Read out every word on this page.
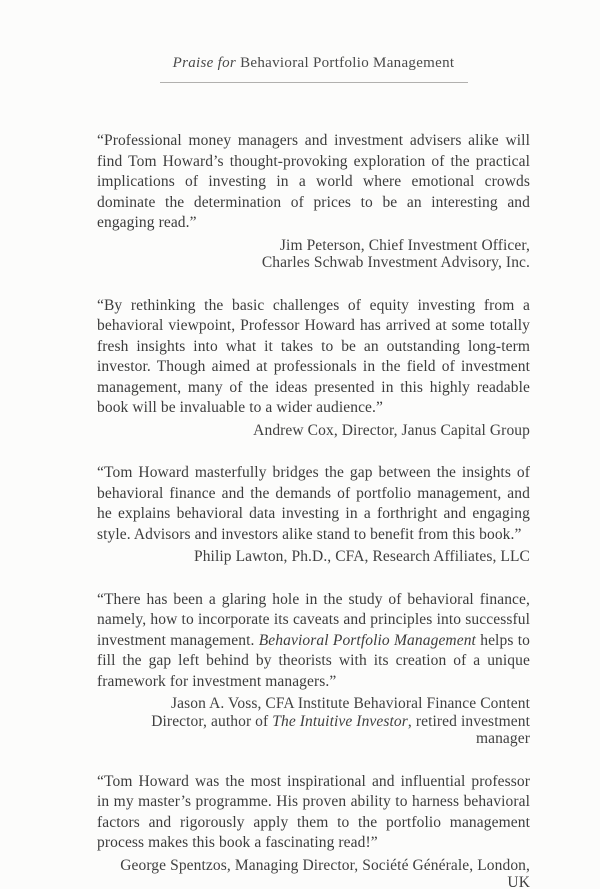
Praise for Behavioral Portfolio Management
“Professional money managers and investment advisers alike will find Tom Howard’s thought-provoking exploration of the practical implications of investing in a world where emotional crowds dominate the determination of prices to be an interesting and engaging read.”
Jim Peterson, Chief Investment Officer,
Charles Schwab Investment Advisory, Inc.
“By rethinking the basic challenges of equity investing from a behavioral viewpoint, Professor Howard has arrived at some totally fresh insights into what it takes to be an outstanding long-term investor. Though aimed at professionals in the field of investment management, many of the ideas presented in this highly readable book will be invaluable to a wider audience.”
Andrew Cox, Director, Janus Capital Group
“Tom Howard masterfully bridges the gap between the insights of behavioral finance and the demands of portfolio management, and he explains behavioral data investing in a forthright and engaging style. Advisors and investors alike stand to benefit from this book.”
Philip Lawton, Ph.D., CFA, Research Affiliates, LLC
“There has been a glaring hole in the study of behavioral finance, namely, how to incorporate its caveats and principles into successful investment management. Behavioral Portfolio Management helps to fill the gap left behind by theorists with its creation of a unique framework for investment managers.”
Jason A. Voss, CFA Institute Behavioral Finance Content
Director, author of The Intuitive Investor, retired investment manager
“Tom Howard was the most inspirational and influential professor in my master’s programme. His proven ability to harness behavioral factors and rigorously apply them to the portfolio management process makes this book a fascinating read!”
George Spentzos, Managing Director, Société Générale, London, UK
